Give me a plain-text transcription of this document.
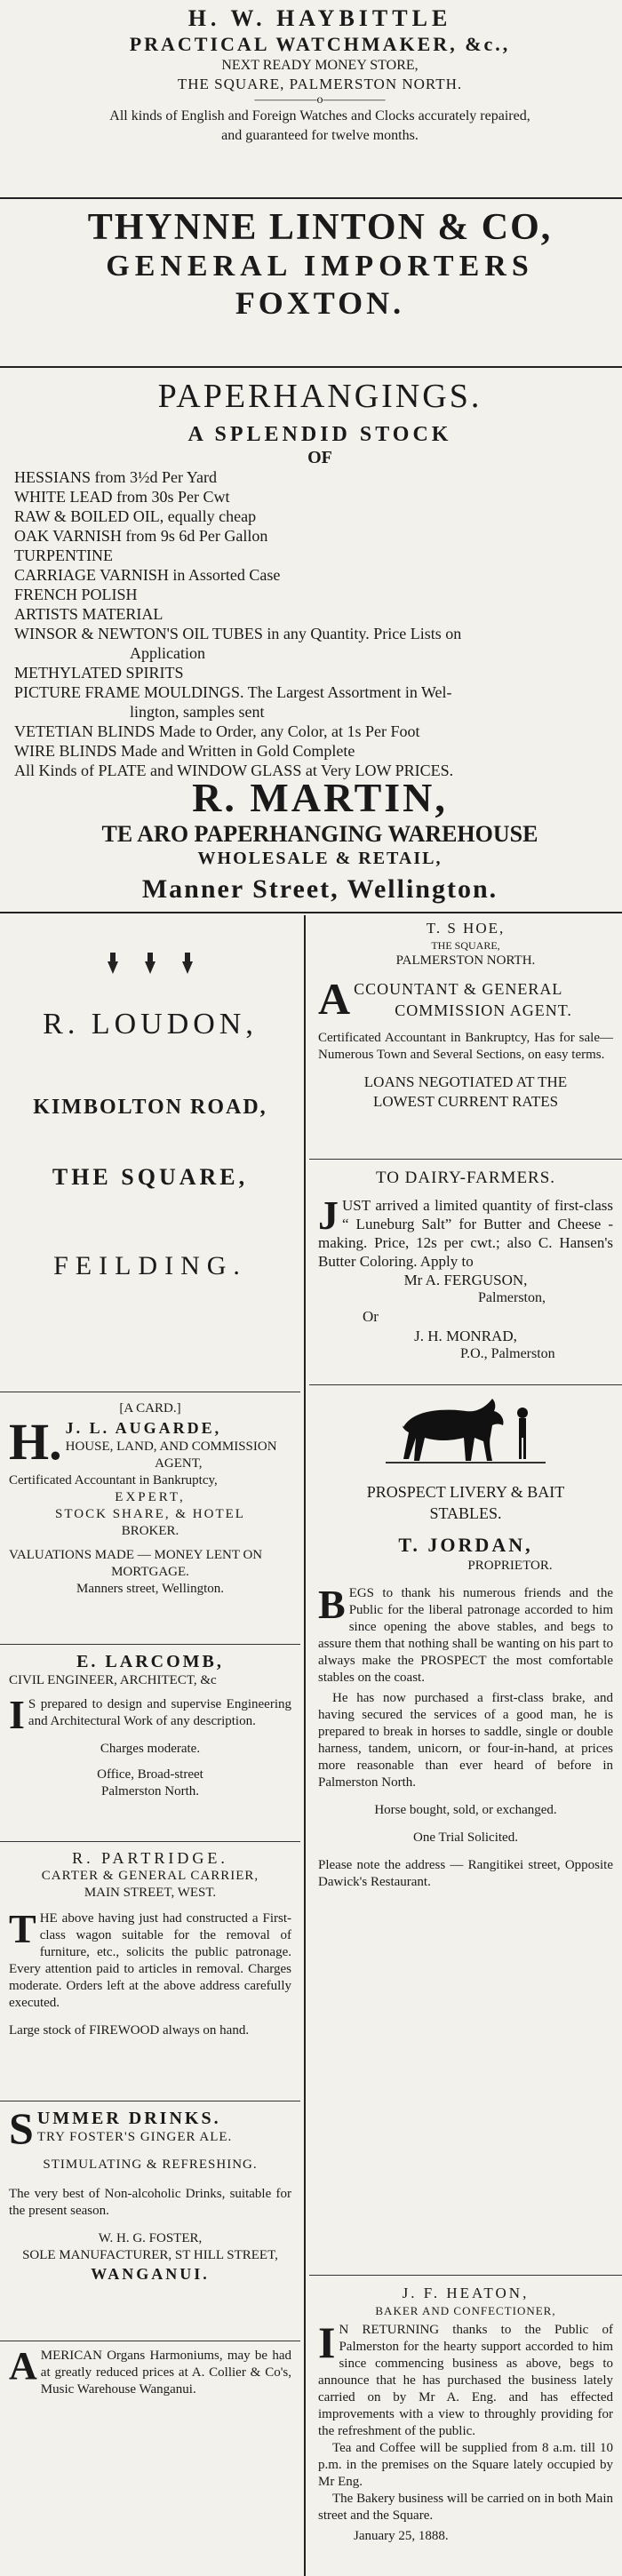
H. W. HAYBITTLE
PRACTICAL WATCHMAKER, &c.,
NEXT READY MONEY STORE,
THE SQUARE, PALMERSTON NORTH.
—————o—————
All kinds of English and Foreign Watches and Clocks accurately repaired,
and guaranteed for twelve months.
THYNNE LINTON & CO,
GENERAL IMPORTERS
FOXTON.
PAPERHANGINGS.
A SPLENDID STOCK
OF
HESSIANS from 3½d Per Yard
WHITE LEAD from 30s Per Cwt
RAW & BOILED OIL, equally cheap
OAK VARNISH from 9s 6d Per Gallon
TURPENTINE
CARRIAGE VARNISH in Assorted Case
FRENCH POLISH
ARTISTS MATERIAL
WINSOR & NEWTON'S OIL TUBES in any Quantity. Price Lists on
Application
METHYLATED SPIRITS
PICTURE FRAME MOULDINGS. The Largest Assortment in Wel-
lington, samples sent
VETETIAN BLINDS Made to Order, any Color, at 1s Per Foot
WIRE BLINDS Made and Written in Gold Complete
All Kinds of PLATE and WINDOW GLASS at Very LOW PRICES.
R. MARTIN,
TE ARO PAPERHANGING WAREHOUSE
WHOLESALE & RETAIL,
Manner Street, Wellington.

R. LOUDON,
KIMBOLTON ROAD,
THE SQUARE,
FEILDING.
[A CARD.]
H. J. L. AUGARDE,
HOUSE, LAND, AND COMMISSION
AGENT,
Certificated Accountant in Bankruptcy,
EXPERT,
STOCK SHARE, & HOTEL
BROKER.
VALUATIONS MADE — MONEY LENT ON
MORTGAGE.
Manners street, Wellington.
E. LARCOMB,
CIVIL ENGINEER, ARCHITECT, &c
I S prepared to design and supervise Engineering and Architectural Work of any description.
Charges moderate.
Office, Broad-street
Palmerston North.
R. PARTRIDGE.
CARTER & GENERAL CARRIER,
MAIN STREET, WEST.
T HE above having just had constructed a First-class wagon suitable for the removal of furniture, etc., solicits the public patronage. Every attention paid to articles in removal. Charges moderate. Orders left at the above address carefully executed.
Large stock of FIREWOOD always on hand.
S UMMER DRINKS.
TRY FOSTER'S GINGER ALE.
STIMULATING & REFRESHING.
The very best of Non-alcoholic Drinks, suitable for the present season.
W. H. G. FOSTER,
SOLE MANUFACTURER, ST HILL STREET,
WANGANUI.
A MERICAN Organs Harmoniums, may be had at greatly reduced prices at A. Collier & Co's, Music Warehouse Wanganui.
T. S HOE,
THE SQUARE,
PALMERSTON NORTH.
A CCOUNTANT & GENERAL
COMMISSION AGENT.
Certificated Accountant in Bankruptcy, Has for sale—Numerous Town and Several Sections, on easy terms.
LOANS NEGOTIATED AT THE
LOWEST CURRENT RATES
TO DAIRY-FARMERS.
J UST arrived a limited quantity of first-class “ Luneburg Salt” for Butter and Cheese - making. Price, 12s per cwt.; also C. Hansen's Butter Coloring. Apply to
Mr A. FERGUSON,
Palmerston,
Or
J. H. MONRAD,
P.O., Palmerston
PROSPECT LIVERY & BAIT
STABLES.
T. JORDAN,
PROPRIETOR.
B EGS to thank his numerous friends and the Public for the liberal patronage accorded to him since opening the above stables, and begs to assure them that nothing shall be wanting on his part to always make the PROSPECT the most comfortable stables on the coast.
He has now purchased a first-class brake, and having secured the services of a good man, he is prepared to break in horses to saddle, single or double harness, tandem, unicorn, or four-in-hand, at prices more reasonable than ever heard of before in Palmerston North.
Horse bought, sold, or exchanged.
One Trial Solicited.
Please note the address — Rangitikei street, Opposite Dawick's Restaurant.
J. F. HEATON,
BAKER AND CONFECTIONER,
I N RETURNING thanks to the Public of Palmerston for the hearty support accorded to him since commencing business as above, begs to announce that he has purchased the business lately carried on by Mr A. Eng. and has effected improvements with a view to throughly providing for the refreshment of the public.
Tea and Coffee will be supplied from 8 a.m. till 10 p.m. in the premises on the Square lately occupied by Mr Eng.
The Bakery business will be carried on in both Main street and the Square.
January 25, 1888.
